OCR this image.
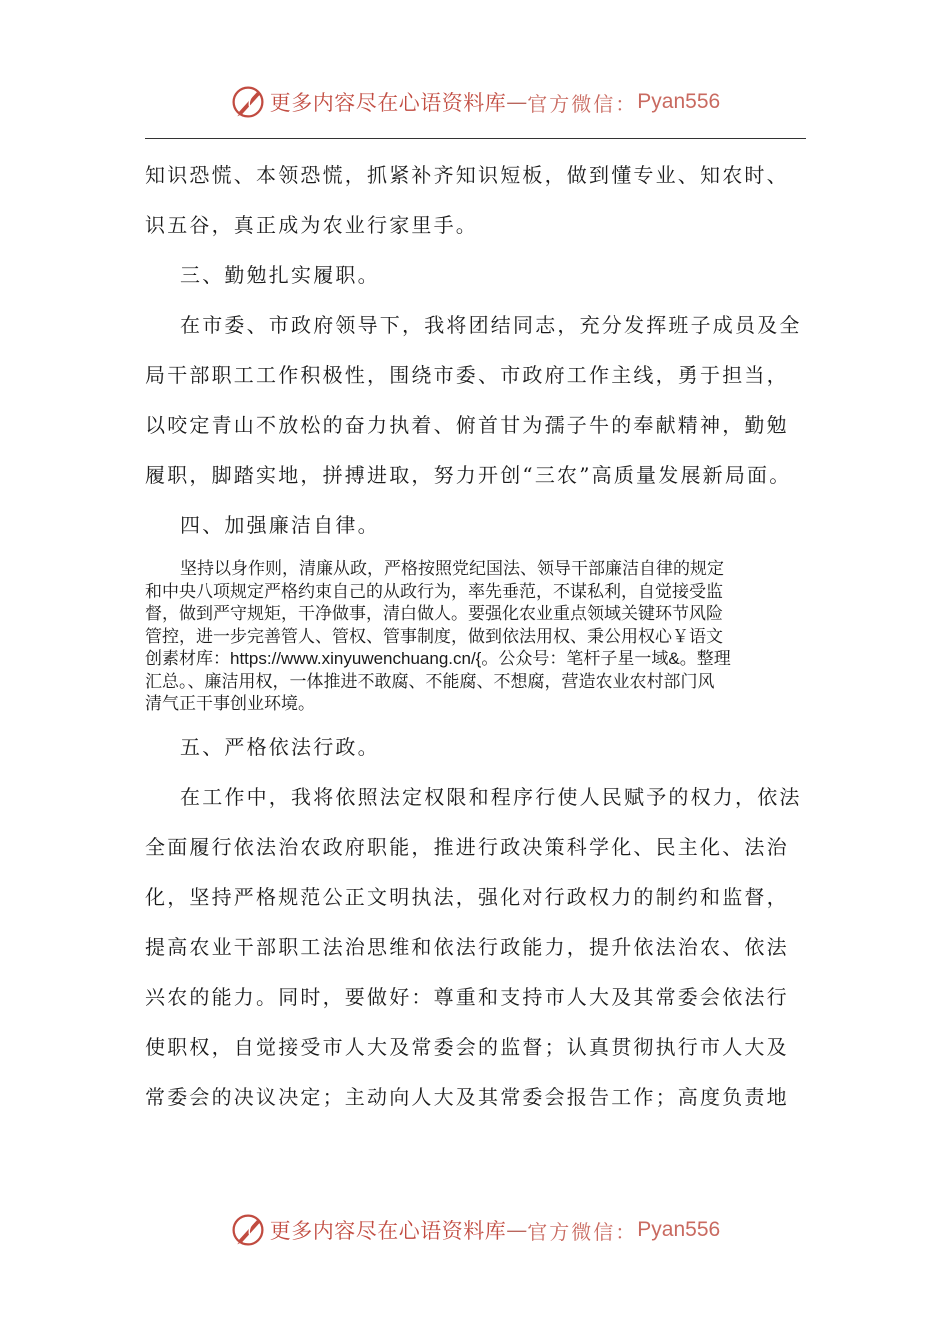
更多内容尽在心语资料库 — 官方微信： Pyan556

知识恐慌、本领恐慌，抓紧补齐知识短板，做到懂专业、知农时、
识五谷，真正成为农业行家里手。

三、勤勉扎实履职。

在市委、市政府领导下，我将团结同志，充分发挥班子成员及全
局干部职工工作积极性，围绕市委、市政府工作主线，勇于担当，
以咬定青山不放松的奋力执着、俯首甘为孺子牛的奉献精神，勤勉
履职，脚踏实地，拼搏进取，努力开创“三农”高质量发展新局面。

四、加强廉洁自律。

坚持以身作则，清廉从政，严格按照党纪国法、领导干部廉洁自律的规定
和中央八项规定严格约束自己的从政行为，率先垂范，不谋私利，自觉接受监
督，做到严守规矩，干净做事，清白做人。要强化农业重点领域关键环节风险
管控，进一步完善管人、管权、管事制度，做到依法用权、秉公用权心￥语文
创素材库：https://www.xinyuwenchuang.cn/{。公众号：笔杆子星一域&。整理
汇总。、廉洁用权，一体推进不敢腐、不能腐、不想腐，营造农业农村部门风
清气正干事创业环境。

五、严格依法行政。

在工作中，我将依照法定权限和程序行使人民赋予的权力，依法
全面履行依法治农政府职能，推进行政决策科学化、民主化、法治
化，坚持严格规范公正文明执法，强化对行政权力的制约和监督，
提高农业干部职工法治思维和依法行政能力，提升依法治农、依法
兴农的能力。同时，要做好：尊重和支持市人大及其常委会依法行
使职权，自觉接受市人大及常委会的监督；认真贯彻执行市人大及
常委会的决议决定；主动向人大及其常委会报告工作；高度负责地

更多内容尽在心语资料库 — 官方微信： Pyan556
